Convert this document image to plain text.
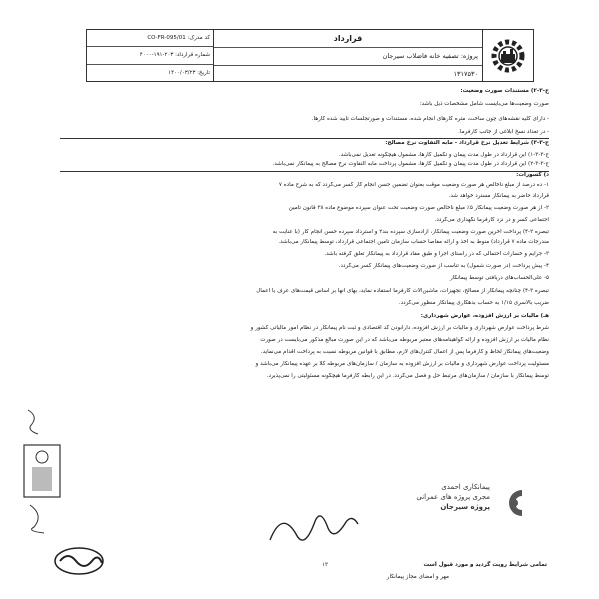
کد مدرک: CO-FR-095/01
شماره قرارداد: ۲۰۳-۱۹۱-۴۰۰۰
تاریخ: ۱۴۰۰/۰۳/۲۳
قرارداد
پروژه: تصفیه خانه فاضلاب سیرجان
۱۳۱۷۵۳۰
ج-۳-۲) مستندات صورت وضعیت:
صورت وضعیت‌ها می‌بایست شامل مشخصات ذیل باشد:
- دارای کلیه نقشه‌های چون ساخت، متره کارهای انجام شده، مستندات و صورتجلسات تایید شده کارها.
- در تعداد نسخ ابلاغی از جانب کارفرما.
ج-۳-۳) شرایط تعدیل نرخ قرارداد - مابه التفاوت نرخ مصالح:
ج-۳-۳-۱) این قرارداد در طول مدت پیمان و تکمیل کارها، مشمول هیچگونه تعدیل نمی‌باشد.
ج-۳-۳-۲) این قرارداد در طول مدت پیمان و تکمیل کارها، مشمول پرداخت مابه التفاوت نرخ مصالح به پیمانکار نمی‌باشد.
د) کسورات:
۱- ده درصد از مبلغ ناخالص هر صورت وضعیت موقت بعنوان تضمین حسن انجام کار کسر می‌گردد که به شرح ماده ۷
قرارداد حاضر به پیمانکار مسترد خواهد شد.
۲- از هر صورت وضعیت پیمانکار ۵٪ مبلغ ناخالص صورت وضعیت تحت عنوان سپرده موضوع ماده ۳۸ قانون تامین
اجتماعی کسر و در نزد کارفرما نگهداری می‌گردد.
تبصره ۲-۴) پرداخت آخرین صورت وضعیت پیمانکار، آزادسازی سپرده بند۲ و استرداد سپرده حسن انجام کار (با عنایت به
مندرجات ماده ۷ قرارداد) منوط به اخذ و ارائه مفاصا حساب سازمان تامین اجتماعی قرارداد، توسط پیمانکار می‌باشد.
۳- جرایم و خسارات احتمالی که در راستای اجرا و طبق مفاد قرارداد به پیمانکار تعلق گرفته باشد.
۴- پیش پرداخت (در صورت شمول) به تناسب از صورت وضعیت‌های پیمانکار کسر می‌گردد.
۵- علی‌الحساب‌های دریافتی توسط پیمانکار
تبصره ۳-۴) چنانچه پیمانکار از مصالح، تجهیزات، ماشین‌آلات کارفرما استفاده نماید، بهای آنها بر اساس قیمت‌های عرف یا اعمال
ضریب بالاسری ۱/۱۵ به حساب بدهکاری پیمانکار منظور می‌گردد.
هـ) مالیات بر ارزش افزوده، عوارض شهرداری:
شرط پرداخت عوارض شهرداری و مالیات بر ارزش افزوده، دارابودن کد اقتصادی و ثبت نام پیمانکار در نظام امور مالیاتی کشور و
نظام مالیات بر ارزش افزوده و ارائه گواهینامه‌های معتبر مربوطه می‌باشد که در این صورت مبالغ مذکور می‌بایست در صورت
وضعیت‌های پیمانکار لحاظ و کارفرما پس از اعمال کنترل‌های لازم، مطابق با قوانین مربوطه نسبت به پرداخت اقدام می‌نماید.
مسئولیت پرداخت عوارض شهرداری و مالیات بر ارزش افزوده به سازمان / سازمان‌های مربوطه کلا بر عهده پیمانکار می‌باشد و
توسط پیمانکار با سازمان / سازمان‌های مرتبط حل و فصل می‌گردد. در این رابطه کارفرما هیچگونه مسئولیتی را نمی‌پذیرد.
پیمانکاری احمدی
مجری پروژه های عمرانی
پروژه سیرجان
تمامی شرایط رویت گردید و مورد قبول است
مهر و امضای مجاز پیمانکار
۱۳
